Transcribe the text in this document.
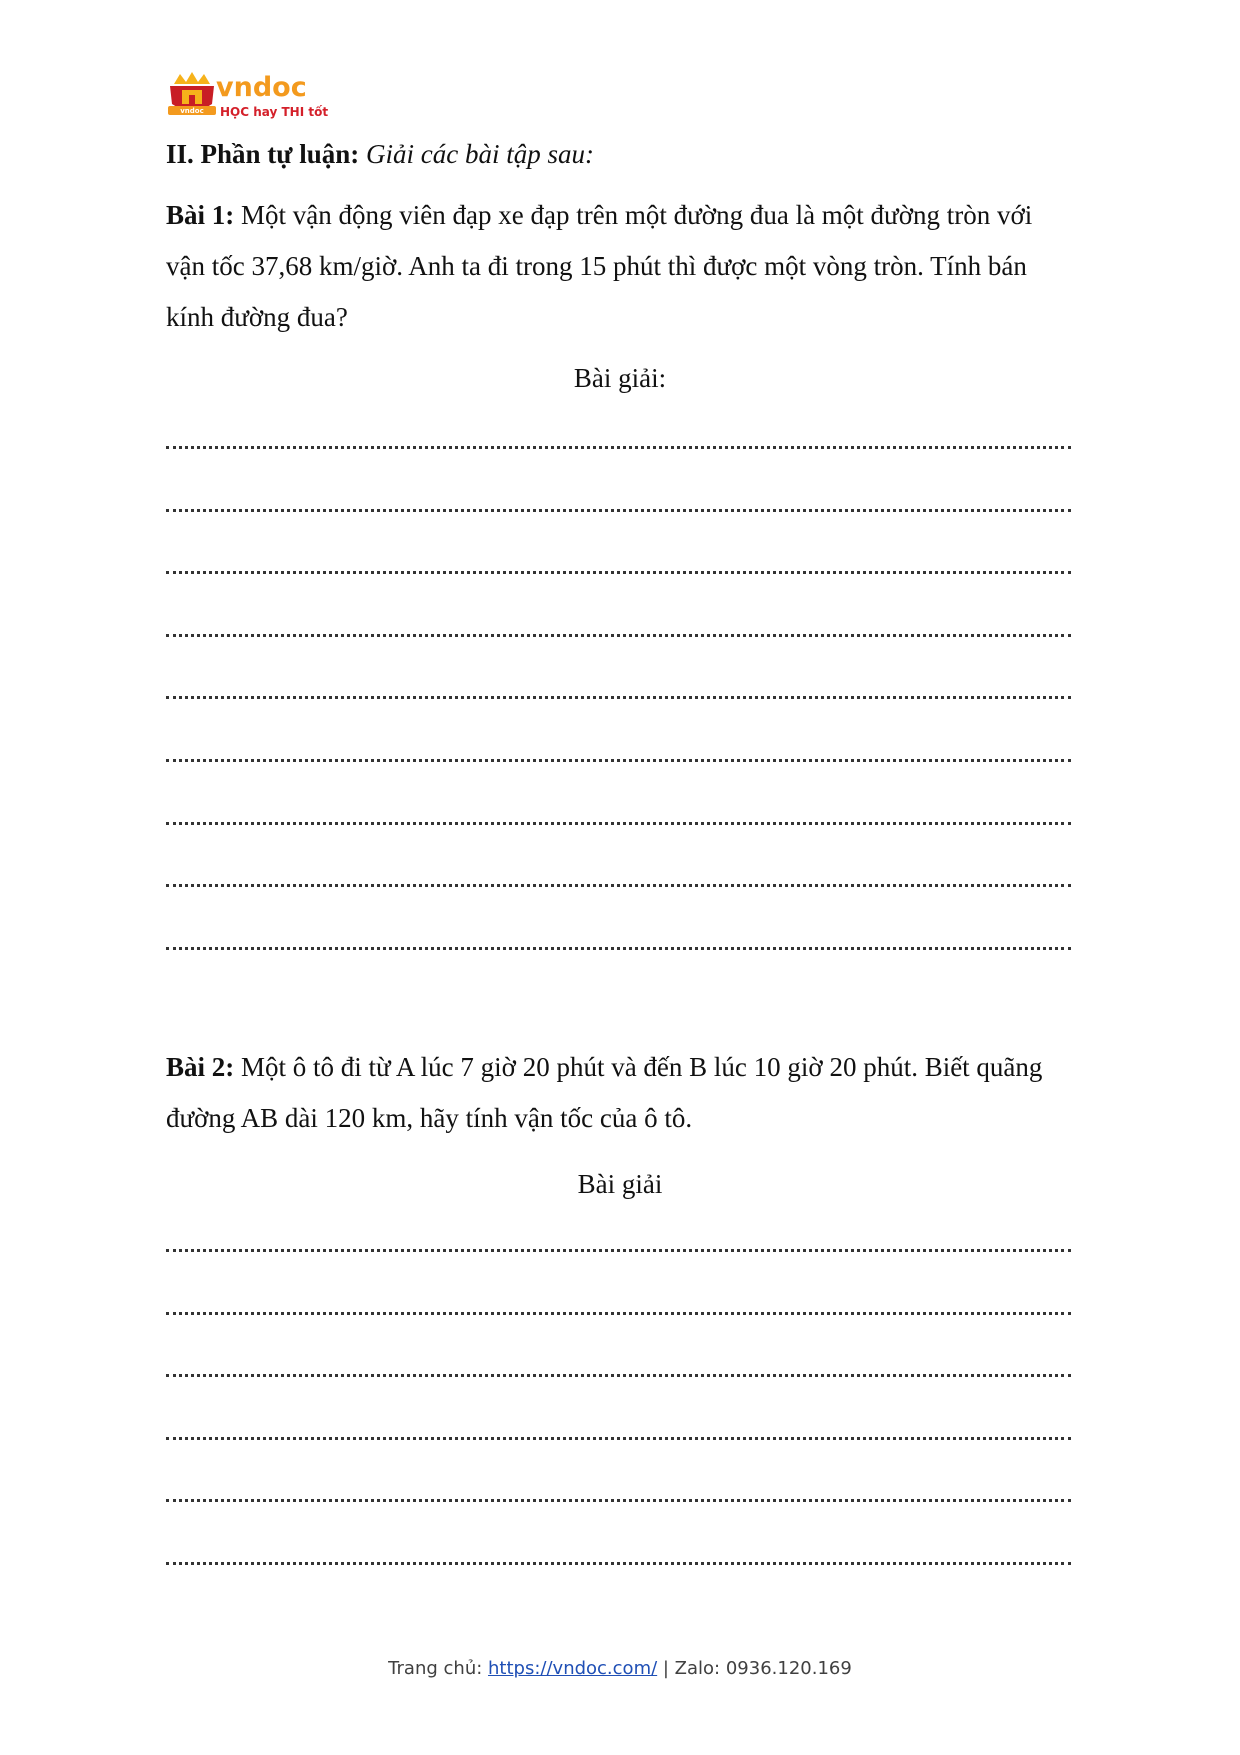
vndoc
vndoc
HỌC hay THI tốt
II. Phần tự luận: Giải các bài tập sau:
Bài 1: Một vận động viên đạp xe đạp trên một đường đua là một đường tròn với vận tốc 37,68 km/giờ. Anh ta đi trong 15 phút thì được một vòng tròn. Tính bán kính đường đua?
Bài giải:
Bài 2: Một ô tô đi từ A lúc 7 giờ 20 phút và đến B lúc 10 giờ 20 phút. Biết quãng đường AB dài 120 km, hãy tính vận tốc của ô tô.
Bài giải
Trang chủ: https://vndoc.com/ | Zalo: 0936.120.169
